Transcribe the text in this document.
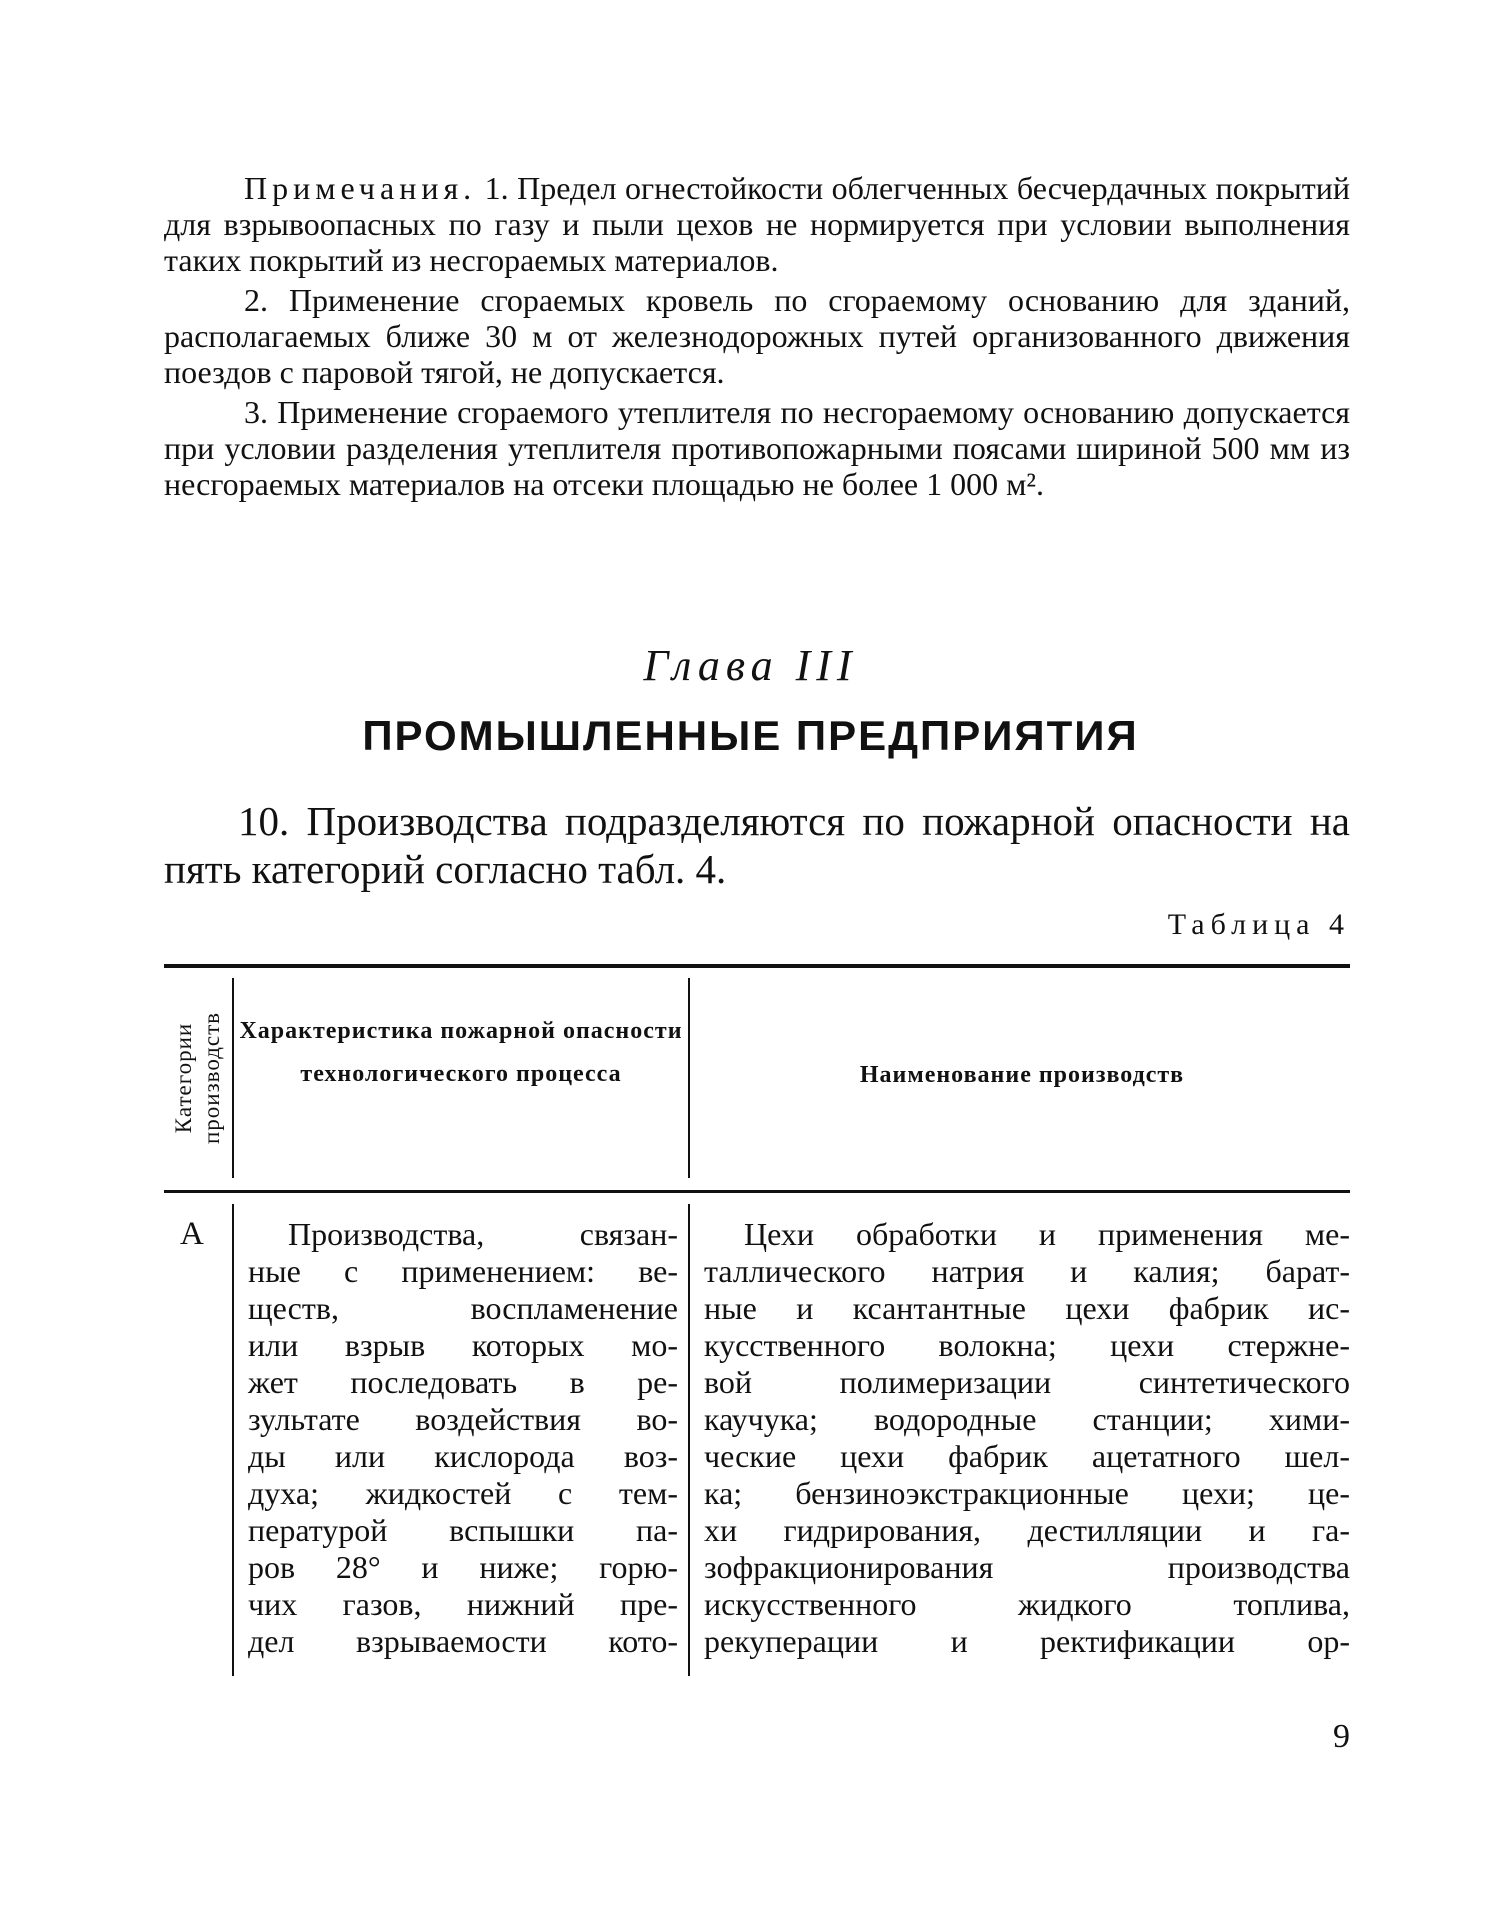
Примечания. 1. Предел огнестойкости облегченных бесчердачных покрытий для взрывоопасных по газу и пыли цехов не нормируется при условии выполнения таких покрытий из несгораемых материалов.

2. Применение сгораемых кровель по сгораемому основанию для зданий, располагаемых ближе 30 м от железнодорожных путей организованного движения поездов с паровой тягой, не допускается.

3. Применение сгораемого утеплителя по несгораемому основанию допускается при условии разделения утеплителя противопожарными поясами шириной 500 мм из несгораемых материалов на отсеки площадью не более 1 000 м².

Глава III
ПРОМЫШЛЕННЫЕ ПРЕДПРИЯТИЯ
10. Производства подразделяются по пожарной опасности на пять категорий согласно табл. 4.
Таблица 4
Категории
производств Характеристика пожарной опасности технологического процесса	Наименование производств
А	Производства, связан-
ные с применением: ве-
ществ, воспламенение
или взрыв которых мо-
жет последовать в ре-
зультате воздействия во-
ды или кислорода воз-
духа; жидкостей с тем-
пературой вспышки па-
ров 28° и ниже; горю-
чих газов, нижний пре-
дел взрываемости кото-
Цехи обработки и применения ме-
таллического натрия и калия; барат-
ные и ксантантные цехи фабрик ис-
кусственного волокна; цехи стержне-
вой полимеризации синтетического
каучука; водородные станции; хими-
ческие цехи фабрик ацетатного шел-
ка; бензиноэкстракционные цехи; це-
хи гидрирования, дестилляции и га-
зофракционирования производства
искусственного жидкого топлива,
рекуперации и ректификации ор-
9
